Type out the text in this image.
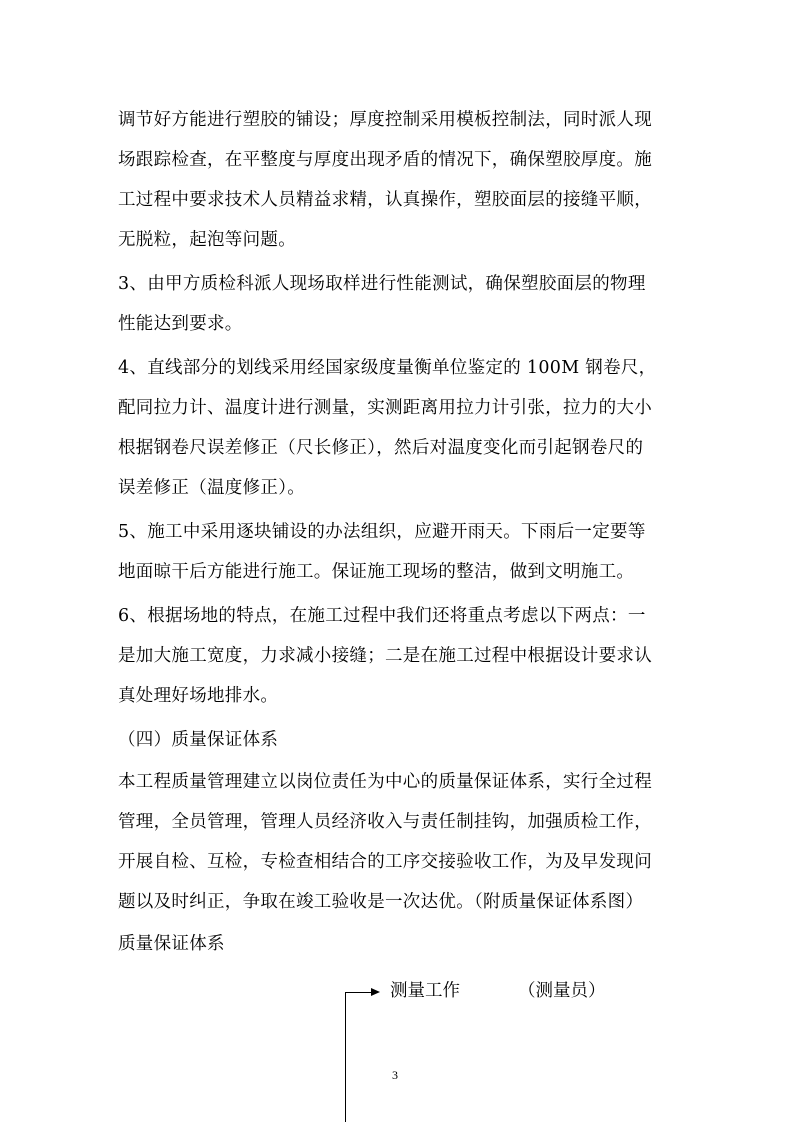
调节好方能进行塑胶的铺设；厚度控制采用模板控制法，同时派人现
场跟踪检查，在平整度与厚度出现矛盾的情况下，确保塑胶厚度。施
工过程中要求技术人员精益求精，认真操作，塑胶面层的接缝平顺，
无脱粒，起泡等问题。
3、由甲方质检科派人现场取样进行性能测试，确保塑胶面层的物理
性能达到要求。
4、直线部分的划线采用经国家级度量衡单位鉴定的 100M 钢卷尺，
配同拉力计、温度计进行测量，实测距离用拉力计引张，拉力的大小
根据钢卷尺误差修正（尺长修正），然后对温度变化而引起钢卷尺的
误差修正（温度修正）。
5、施工中采用逐块铺设的办法组织，应避开雨天。下雨后一定要等
地面晾干后方能进行施工。保证施工现场的整洁，做到文明施工。
6、根据场地的特点，在施工过程中我们还将重点考虑以下两点：一
是加大施工宽度，力求减小接缝；二是在施工过程中根据设计要求认
真处理好场地排水。
（四）质量保证体系
本工程质量管理建立以岗位责任为中心的质量保证体系，实行全过程
管理，全员管理，管理人员经济收入与责任制挂钩，加强质检工作，
开展自检、互检，专检查相结合的工序交接验收工作，为及早发现问
题以及时纠正，争取在竣工验收是一次达优。（附质量保证体系图）
质量保证体系
测量工作	（测量员）
3
